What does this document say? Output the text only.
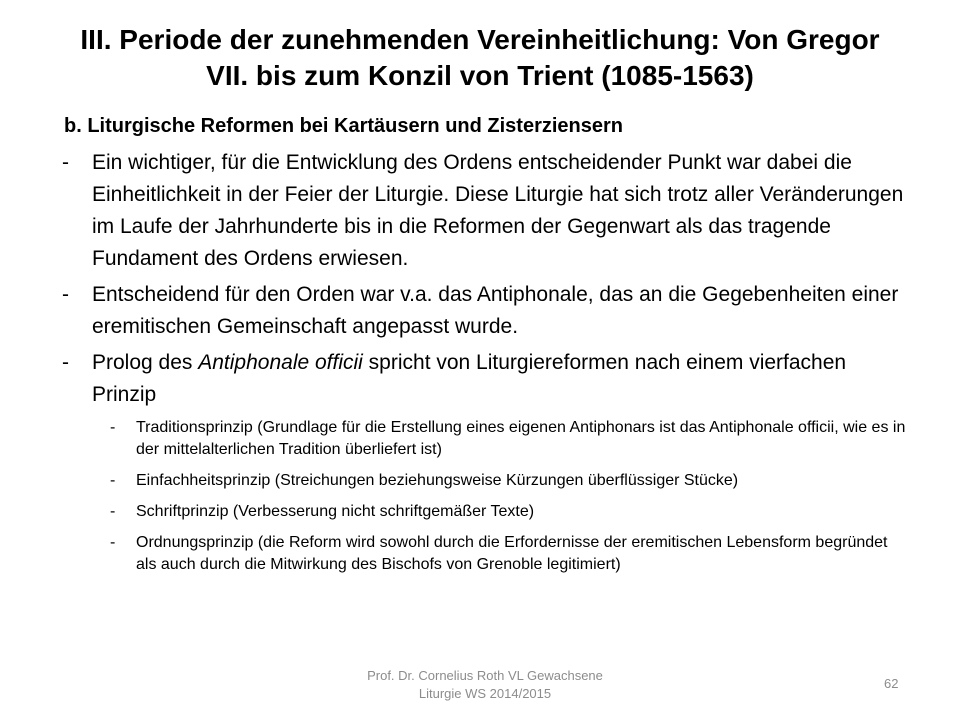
III. Periode der zunehmenden Vereinheitlichung: Von Gregor
VII. bis zum Konzil von Trient (1085-1563)
b. Liturgische Reformen bei Kartäusern und Zisterziensern
- Ein wichtiger, für die Entwicklung des Ordens entscheidender Punkt war dabei die Einheitlichkeit in der Feier der Liturgie. Diese Liturgie hat sich trotz aller Veränderungen im Laufe der Jahrhunderte bis in die Reformen der Gegenwart als das tragende Fundament des Ordens erwiesen.
- Entscheidend für den Orden war v.a. das Antiphonale, das an die Gegebenheiten einer eremitischen Gemeinschaft angepasst wurde.
- Prolog des Antiphonale officii spricht von Liturgiereformen nach einem vierfachen Prinzip
- Traditionsprinzip (Grundlage für die Erstellung eines eigenen Antiphonars ist das Antiphonale officii, wie es in der mittelalterlichen Tradition überliefert ist)
- Einfachheitsprinzip (Streichungen beziehungsweise Kürzungen überflüssiger Stücke)
- Schriftprinzip (Verbesserung nicht schriftgemäßer Texte)
- Ordnungsprinzip (die Reform wird sowohl durch die Erfordernisse der eremitischen Lebensform begründet als auch durch die Mitwirkung des Bischofs von Grenoble legitimiert)
Prof. Dr. Cornelius Roth VL Gewachsene
Liturgie WS 2014/2015
62
